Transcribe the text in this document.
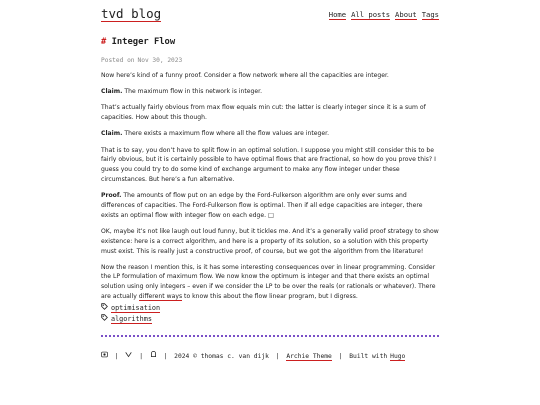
tvd blog	Home All posts About Tags
# Integer Flow
Posted on Nov 30, 2023

Now here’s kind of a funny proof. Consider a flow network where all the capacities are integer.

Claim. The maximum flow in this network is integer.

That’s actually fairly obvious from max flow equals min cut: the latter is clearly integer since it is a sum of capacities. How about this though.

Claim. There exists a maximum flow where all the flow values are integer.

That is to say, you don’t have to split flow in an optimal solution. I suppose you might still consider this to be fairly obvious, but it is certainly possible to have optimal flows that are fractional, so how do you prove this? I guess you could try to do some kind of exchange argument to make any flow integer under these circumstances. But here’s a fun alternative.

Proof. The amounts of flow put on an edge by the Ford-Fulkerson algorithm are only ever sums and differences of capacities. The Ford-Fulkerson flow is optimal. Then if all edge capacities are integer, there exists an optimal flow with integer flow on each edge. □

OK, maybe it’s not like laugh out loud funny, but it tickles me. And it’s a generally valid proof strategy to show existence: here is a correct algorithm, and here is a property of its solution, so a solution with this property must exist. This is really just a constructive proof, of course, but we got the algorithm from the literature!

Now the reason I mention this, is it has some interesting consequences over in linear programming. Consider the LP formulation of maximum flow. We now know the optimum is integer and that there exists an optimal solution using only integers – even if we consider the LP to be over the reals (or rationals or whatever). There are actually different ways to know this about the flow linear program, but I digress.

optimisation
algorithms
|	|	| 2024 © thomas c. van dijk | Archie Theme | Built with Hugo
